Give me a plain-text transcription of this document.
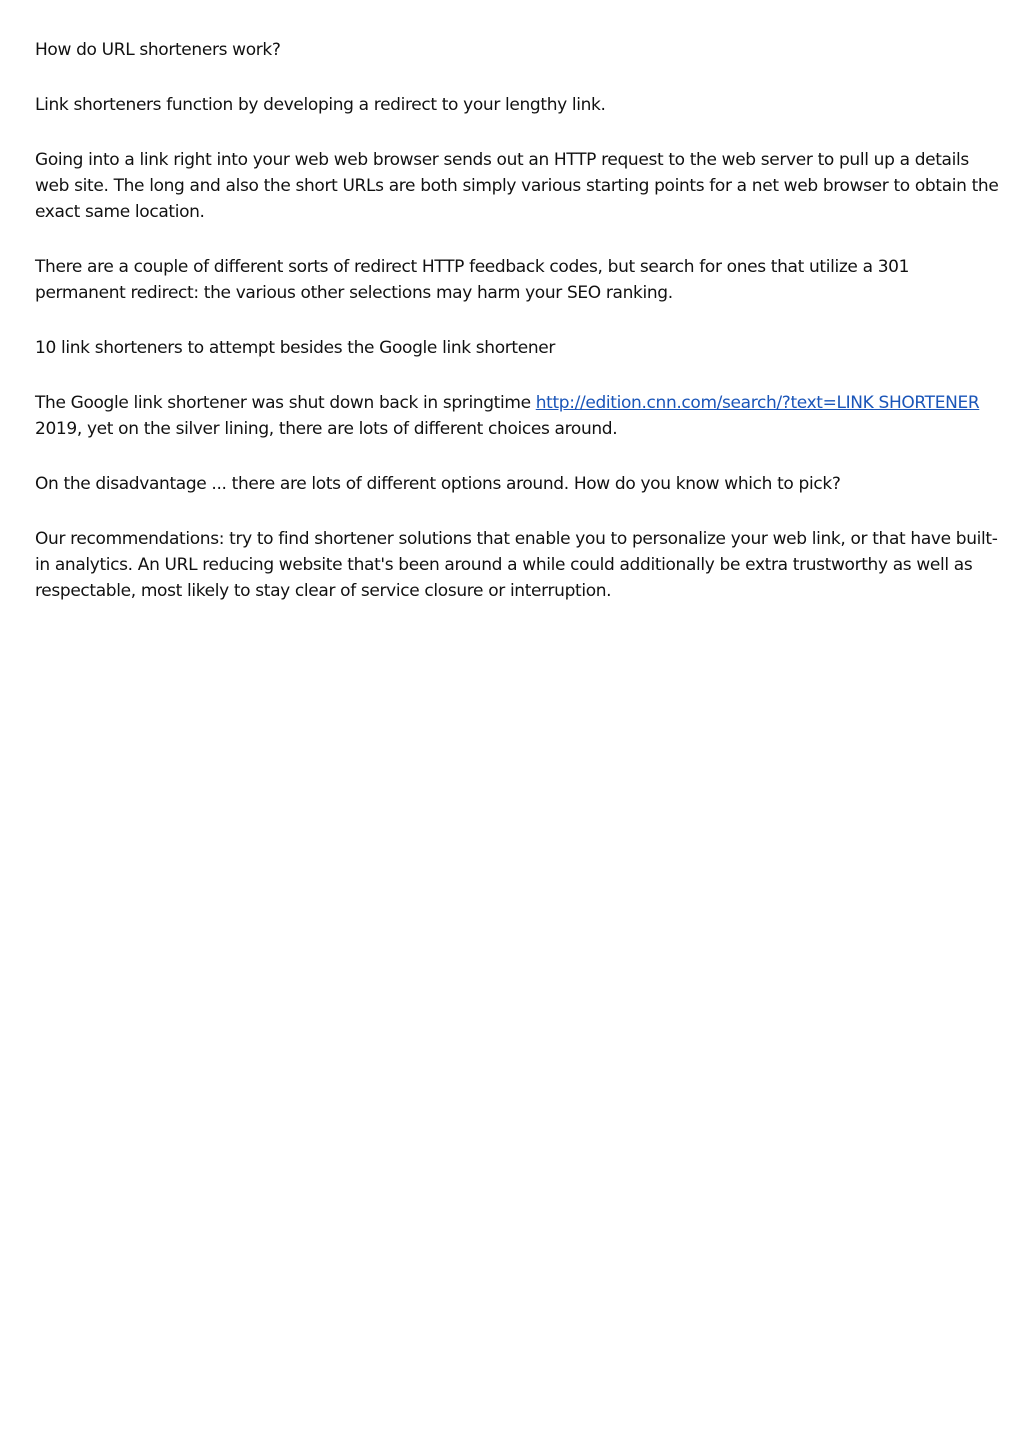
How do URL shorteners work?

Link shorteners function by developing a redirect to your lengthy link.

Going into a link right into your web web browser sends out an HTTP request to the web server to pull up a details web site. The long and also the short URLs are both simply various starting points for a net web browser to obtain the exact same location.

There are a couple of different sorts of redirect HTTP feedback codes, but search for ones that utilize a 301 permanent redirect: the various other selections may harm your SEO ranking.

10 link shorteners to attempt besides the Google link shortener

The Google link shortener was shut down back in springtime http://edition.cnn.com/search/?text=LINK SHORTENER 2019, yet on the silver lining, there are lots of different choices around.

On the disadvantage ... there are lots of different options around. How do you know which to pick?

Our recommendations: try to find shortener solutions that enable you to personalize your web link, or that have built-in analytics. An URL reducing website that's been around a while could additionally be extra trustworthy as well as respectable, most likely to stay clear of service closure or interruption.
